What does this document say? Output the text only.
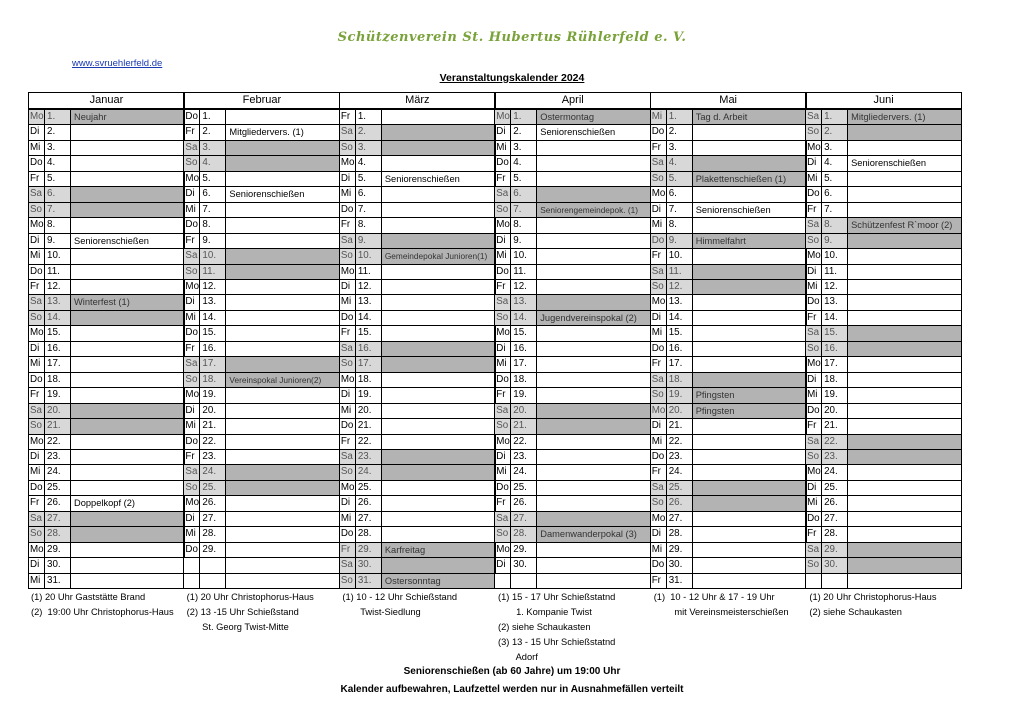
Schützenverein St. Hubertus Rühlerfeld e. V.
www.svruehlerfeld.de
Veranstaltungskalender 2024
Januar
Mo 1.	Neujahr
Di 2.
Mi 3.
Do 4.
Fr 5.
Sa 6.
So 7.
Mo 8.
Di 9.	Seniorenschießen
Mi 10.
Do 11.
Fr 12.
Sa 13.	Winterfest (1)
So 14.
Mo 15.
Di 16.
Mi 17.
Do 18.
Fr 19.
Sa 20.
So 21.
Mo 22.
Di 23.
Mi 24.
Do 25.
Fr 26.	Doppelkopf (2)
Sa 27.
So 28.
Mo 29.
Di 30.
Mi 31.
Februar
Do 1.
Fr 2.	Mitgliedervers. (1)
Sa 3.
So 4.
Mo 5.
Di 6.	Seniorenschießen
Mi 7.
Do 8.
Fr 9.
Sa 10.
So 11.
Mo 12.
Di 13.
Mi 14.
Do 15.
Fr 16.
Sa 17.
So 18.	Vereinspokal Junioren(2)
Mo 19.
Di 20.
Mi 21.
Do 22.
Fr 23.
Sa 24.
So 25.
Mo 26.
Di 27.
Mi 28.
Do 29.
März
Fr 1.
Sa 2.
So 3.
Mo 4.
Di 5.	Seniorenschießen
Mi 6.
Do 7.
Fr 8.
Sa 9.
So 10.	Gemeindepokal Junioren(1)
Mo 11.
Di 12.
Mi 13.
Do 14.
Fr 15.
Sa 16.
So 17.
Mo 18.
Di 19.
Mi 20.
Do 21.
Fr 22.
Sa 23.
So 24.
Mo 25.
Di 26.
Mi 27.
Do 28.
Fr 29.	Karfreitag
Sa 30.
So 31.	Ostersonntag
April
Mo 1.	Ostermontag
Di 2.	Seniorenschießen
Mi 3.
Do 4.
Fr 5.
Sa 6.
So 7.	Seniorengemeindepok. (1)
Mo 8.
Di 9.
Mi 10.
Do 11.
Fr 12.
Sa 13.
So 14.	Jugendvereinspokal (2)
Mo 15.
Di 16.
Mi 17.
Do 18.
Fr 19.
Sa 20.
So 21.
Mo 22.
Di 23.
Mi 24.
Do 25.
Fr 26.
Sa 27.
So 28.	Damenwanderpokal (3)
Mo 29.
Di 30.
Mai
Mi 1.	Tag d. Arbeit
Do 2.
Fr 3.
Sa 4.
So 5.	Plakettenschießen (1)
Mo 6.
Di 7.	Seniorenschießen
Mi 8.
Do 9.	Himmelfahrt
Fr 10.
Sa 11.
So 12.
Mo 13.
Di 14.
Mi 15.
Do 16.
Fr 17.
Sa 18.
So 19.	Pfingsten
Mo 20.	Pfingsten
Di 21.
Mi 22.
Do 23.
Fr 24.
Sa 25.
So 26.
Mo 27.
Di 28.
Mi 29.
Do 30.
Fr 31.
Juni
Sa 1.	Mitgliedervers. (1)
So 2.
Mo 3.
Di 4.	Seniorenschießen
Mi 5.
Do 6.
Fr 7.
Sa 8.	Schützenfest R`moor (2)
So 9.
Mo 10.
Di 11.
Mi 12.
Do 13.
Fr 14.
Sa 15.
So 16.
Mo 17.
Di 18.
Mi 19.
Do 20.
Fr 21.
Sa 22.
So 23.
Mo 24.
Di 25.
Mi 26.
Do 27.
Fr 28.
Sa 29.
So 30.
(1) 20 Uhr Gaststätte Brand
(2)  19:00 Uhr Christophorus-Haus
(1) 20 Uhr Christophorus-Haus
(2) 13 -15 Uhr Schießstand
St. Georg Twist-Mitte
(1) 10 - 12 Uhr Schießstand
Twist-Siedlung
(1) 15 - 17 Uhr Schießstatnd
1. Kompanie Twist
(2) siehe Schaukasten
(3) 13 - 15 Uhr Schießstatnd
Adorf
(1)  10 - 12 Uhr & 17 - 19 Uhr
mit Vereinsmeisterschießen
(1) 20 Uhr Christophorus-Haus
(2) siehe Schaukasten
Seniorenschießen (ab 60 Jahre) um 19:00 Uhr
Kalender aufbewahren, Laufzettel werden nur in Ausnahmefällen verteilt
